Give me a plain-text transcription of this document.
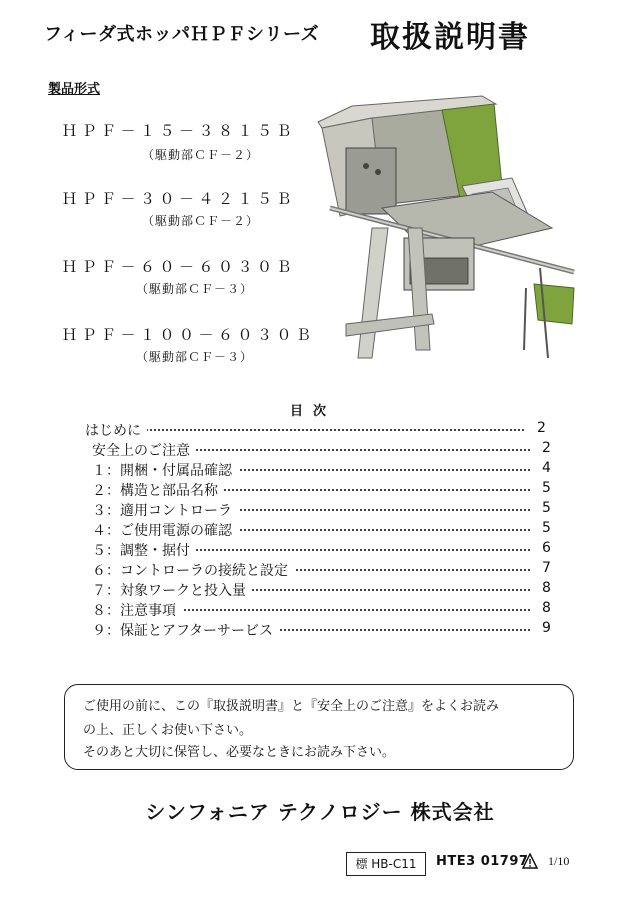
フィーダ式ホッパＨＰＦシリーズ 取扱説明書
製品形式
ＨＰＦ－１５－３８１５Ｂ
（駆動部ＣＦ－２）
ＨＰＦ－３０－４２１５Ｂ
（駆動部ＣＦ－２）
ＨＰＦ－６０－６０３０Ｂ
（駆動部ＣＦ－３）
ＨＰＦ－１００－６０３０Ｂ
（駆動部ＣＦ－３）
目次
はじめに	2
安全上のご注意	2
１：開梱・付属品確認	4
２：構造と部品名称	5
３：適用コントローラ	5
４：ご使用電源の確認	5
５：調整・据付	6
６：コントローラの接続と設定	7
７：対象ワークと投入量	8
８：注意事項	8
９：保証とアフターサービス	9
ご使用の前に、この『取扱説明書』と『安全上のご注意』をよくお読み
の上、正しくお使い下さい。
そのあと大切に保管し、必要なときにお読み下さい。
シンフォニア テクノロジー 株式会社
標 HB-C11	HTE3 01797 1/10
